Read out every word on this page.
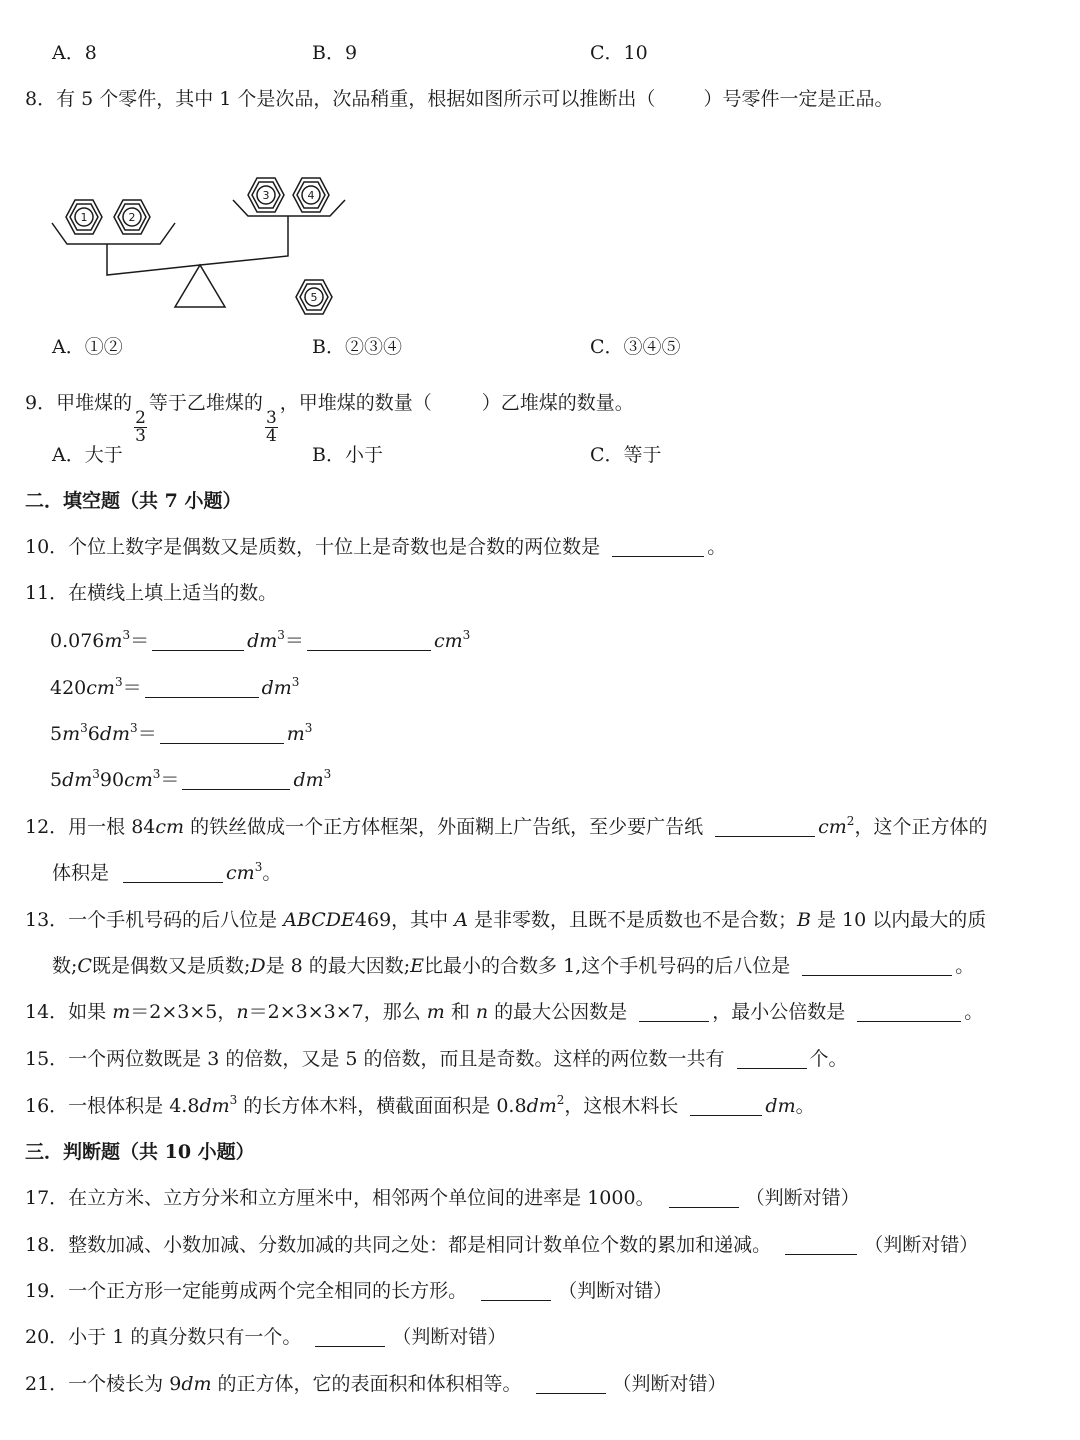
A．8	B．9	C．10
8．有 5 个零件，其中 1 个是次品，次品稍重，根据如图所示可以推断出（	）号零件一定是正品。
1	2
3	4
5
A．①②	B．②③④	C．③④⑤
9．甲堆煤的
$\frac{2}{3}$
等于乙堆煤的
$\frac{3}{4}$
，甲堆煤的数量（	）乙堆煤的数量。
A．大于	B．小于	C．等于
二．填空题（共 7 小题）
10．个位上数字是偶数又是质数，十位上是奇数也是合数的两位数是	。
11．在横线上填上适当的数。
$0.076m^3=$	$dm^3=$	$cm^3$
$420cm^3=$	$dm^3$
$5m^36dm^3=$	$m^3$
$5dm^390cm^3=$	$dm^3$
12．用一根 84cm 的铁丝做成一个正方体框架，外面糊上广告纸，至少要广告纸	$cm^2$，这个正方体的
体积是	$cm^3$。
13．一个手机号码的后八位是 ABCDE469，其中 A 是非零数，且既不是质数也不是合数；B 是 10 以内最大的质
数;C既是偶数又是质数;D是 8 的最大因数;E比最小的合数多 1,这个手机号码的后八位是	。
14．如果 m＝2×3×5，n＝2×3×3×7，那么 m 和 n 的最大公因数是	，最小公倍数是	。
15．一个两位数既是 3 的倍数，又是 5 的倍数，而且是奇数。这样的两位数一共有	个。
16．一根体积是 $4.8dm^3$ 的长方体木料，横截面面积是 $0.8dm^2$，这根木料长	dm。
三．判断题（共 10 小题）
17．在立方米、立方分米和立方厘米中，相邻两个单位间的进率是 1000。	（判断对错）
18．整数加减、小数加减、分数加减的共同之处：都是相同计数单位个数的累加和递减。	（判断对错）
19．一个正方形一定能剪成两个完全相同的长方形。	（判断对错）
20．小于 1 的真分数只有一个。	（判断对错）
21．一个棱长为 9dm 的正方体，它的表面积和体积相等。	（判断对错）
